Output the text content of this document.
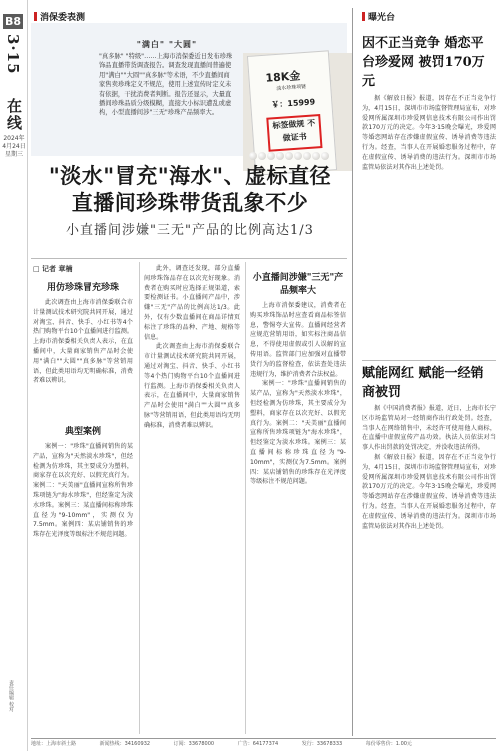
B8
3·15
在线
2024年 4月24日 星期三
责任编辑 校对
消保委表测	曝光台
"满白" "大圆"
"真多脉" "特级"……上海市消保委近日发布珍珠饰品直播带货调查报告。调查发现直播间普遍使用"满白""大圆""真多脉"等术语，不少直播间商家售卖珍珠定义不规范，使用上述宣传时定义未有依据，干扰消费者判断。报告还显示，大量直播间珍珠品质分级模糊，直接大小标识遭乱或虚构，小型直播间涉"三无"珍珠产品频率大。
18K金
淡水珍珠项链
￥：15999
标签做规 不做证书
"淡水"冒充"海水"、虚标直径
直播间珍珠带货乱象不少
小直播间涉嫌"三无"产品的比例高达1/3
□ 记者 章楠
用仿珍珠冒充珍珠

此次调查由上海市消保委联合市计量测试技术研究院共同开展，通过对淘宝、抖音、快手、小红书等4个热门购物平台10个直播间进行监测。上海市消保委相关负责人表示，在直播间中，大量商家销售产品时会使用"满白""大圆""真多脉"等营销用语，但此类用语均无明确标准，消费者难以辨识。

典型案例

案例一："珍珠"直播间销售的某产品，宣称为"天然淡水珍珠"，但经检测为仿珍珠，其主要成分为塑料，商家存在以次充好、以假充真行为。案例二："天美丽"直播间宣称所售珍珠项链为"海水珍珠"，但经鉴定为淡水珍珠。案例三：某直播间标称珍珠直径为"9-10mm"，实测仅为7.5mm。案例四：某店铺销售的珍珠存在光泽度等级标注不规范问题。

此外，调查还发现，部分直播间珍珠饰品存在以次充好现象。消费者在购买时应选择正规渠道，索要检测证书。小直播间产品中，涉嫌"三无"产品的比例高达1/3。此外，仅有少数直播间在商品详情页标注了珍珠的品种、产地、规格等信息。

此次调查由上海市消保委联合市计量测试技术研究院共同开展，通过对淘宝、抖音、快手、小红书等4个热门购物平台10个直播间进行监测。上海市消保委相关负责人表示，在直播间中，大量商家销售产品时会使用"满白""大圆""真多脉"等营销用语，但此类用语均无明确标准，消费者难以辨识。

小直播间涉嫌"三无"产品频率大

上海市消保委建议，消费者在购买珍珠饰品时应查看商品标签信息，警惕夸大宣传。直播间经营者应规范营销用语，如实标注商品信息，不得使用虚假或引人误解的宣传用语。监管部门应加强对直播带货行为的监督检查，依法查处违法违规行为，维护消费者合法权益。

案例一："珍珠"直播间销售的某产品，宣称为"天然淡水珍珠"，但经检测为仿珍珠，其主要成分为塑料，商家存在以次充好、以假充真行为。案例二："天美丽"直播间宣称所售珍珠项链为"海水珍珠"，但经鉴定为淡水珍珠。案例三：某直播间标称珍珠直径为"9-10mm"，实测仅为7.5mm。案例四：某店铺销售的珍珠存在光泽度等级标注不规范问题。

因不正当竞争 婚恋平台珍爱网 被罚170万元

据《解放日报》报道，因存在不正当竞争行为，4月15日，深圳市市场监督管理局宣布，对珍爱网所属深圳市珍爱网信息技术有限公司作出罚款170万元的决定。今年3·15晚会曝光，珍爱网等婚恋网站存在涉嫌虚假宣传、诱导消费等违法行为。经查，当事人在开展婚恋服务过程中，存在虚假宣传、诱导消费的违法行为。深圳市市场监管局依法对其作出上述处罚。

赋能网红 赋能一经销商被罚

据《中国消费者报》报道，近日，上海市长宁区市场监管局对一经销商作出行政处罚。经查，当事人在网络销售中，未经许可使用他人商标，在直播中虚假宣传产品功效。执法人员依法对当事人作出罚款的处罚决定，并没收违法所得。

据《解放日报》报道，因存在不正当竞争行为，4月15日，深圳市市场监督管理局宣布，对珍爱网所属深圳市珍爱网信息技术有限公司作出罚款170万元的决定。今年3·15晚会曝光，珍爱网等婚恋网站存在涉嫌虚假宣传、诱导消费等违法行为。经查，当事人在开展婚恋服务过程中，存在虚假宣传、诱导消费的违法行为。深圳市市场监管局依法对其作出上述处罚。

地址：上海市斜土路	新闻热线：34160932	订阅：33678000	广告：64177374	发行：33678333	每份零售价：1.00元
